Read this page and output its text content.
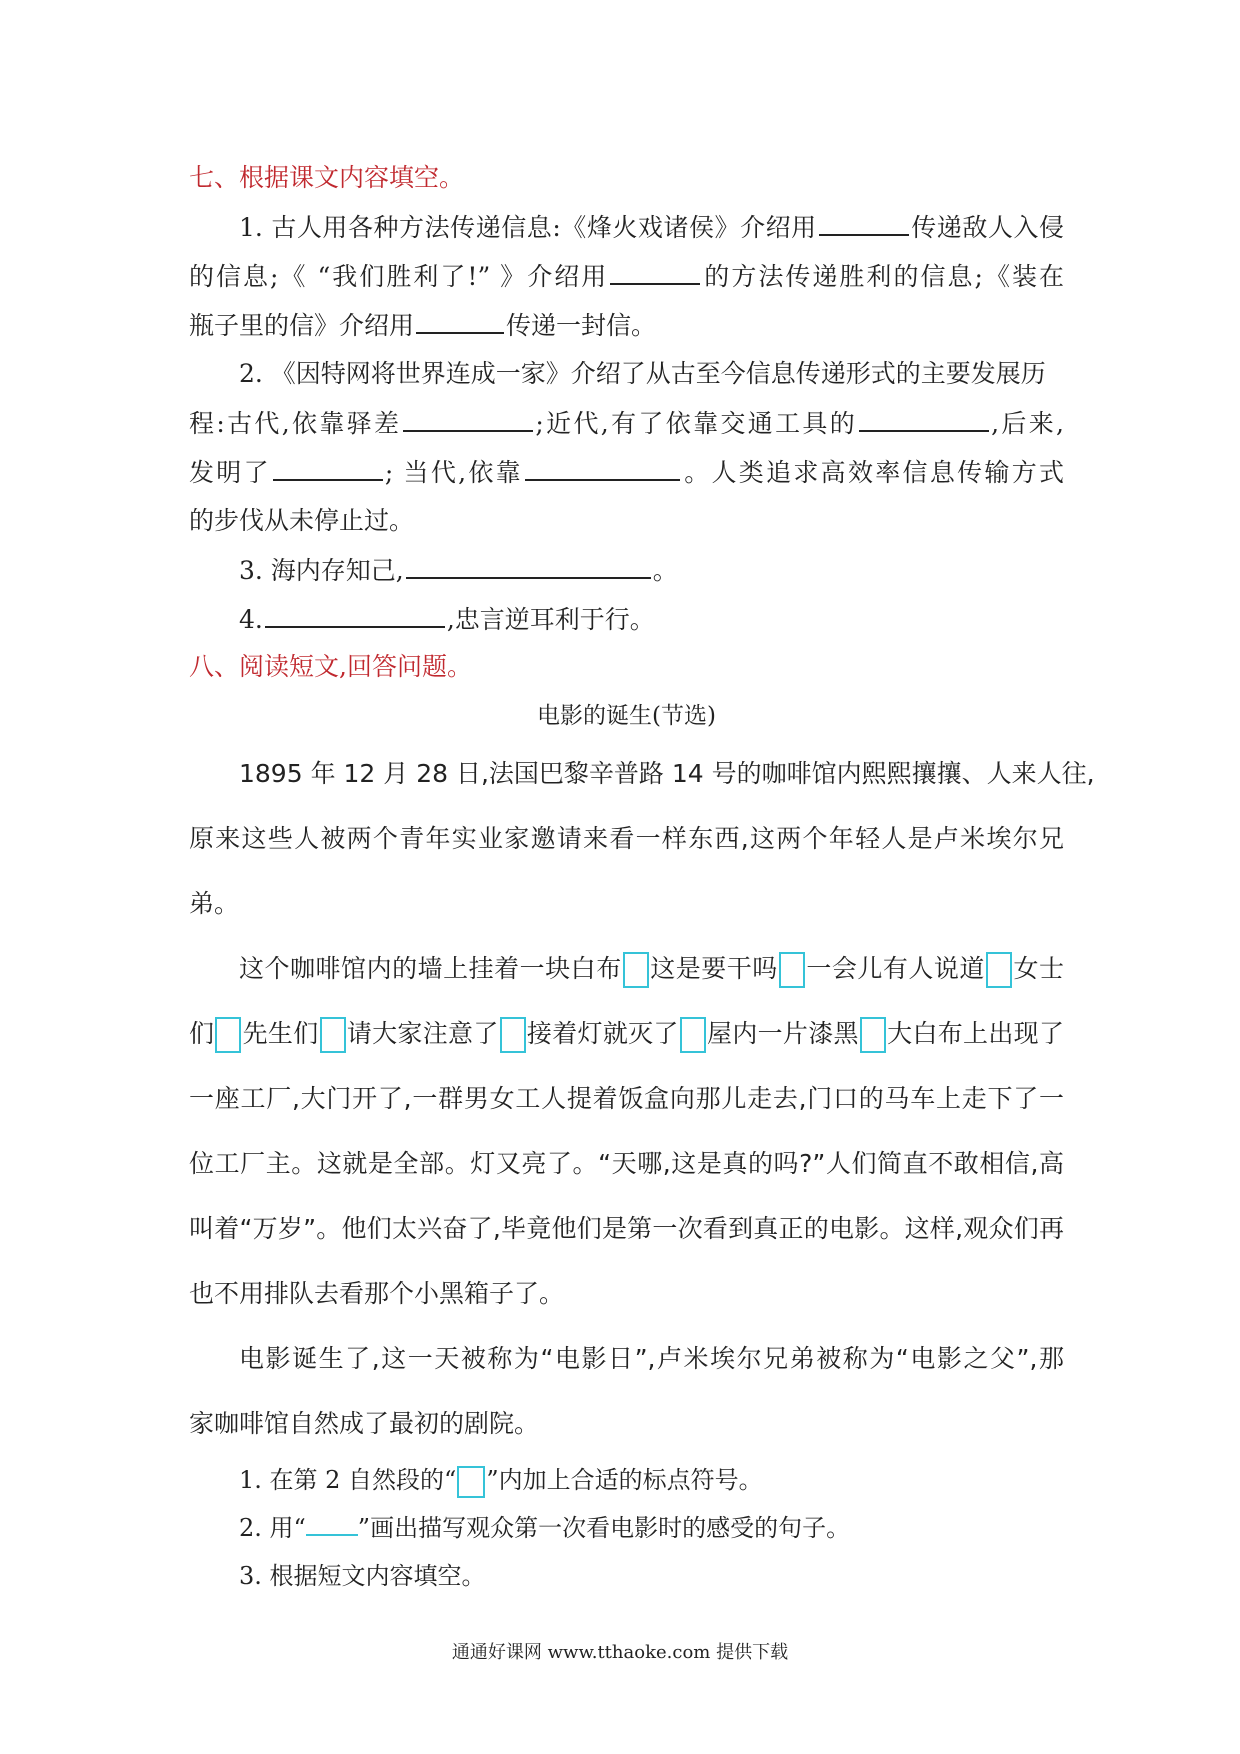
七、根据课文内容填空。
1. 古人用各种方法传递信息:《烽火戏诸侯》介绍用	传递敌人入侵
的信息;《 “我们胜利了!” 》介绍用	的方法传递胜利的信息;《装在
瓶子里的信》介绍用	传递一封信。
2. 《因特网将世界连成一家》介绍了从古至今信息传递形式的主要发展历
程:古代,依靠驿差	;近代,有了依靠交通工具的	,后来,
发明了	; 当代,依靠	。人类追求高效率信息传输方式
的步伐从未停止过。
3. 海内存知己,	。
4.	,忠言逆耳利于行。
八、阅读短文,回答问题。
电影的诞生(节选)
1895 年 12 月 28 日,法国巴黎辛普路 14 号的咖啡馆内熙熙攘攘、人来人往,
原来这些人被两个青年实业家邀请来看一样东西,这两个年轻人是卢米埃尔兄
弟。
这个咖啡馆内的墙上挂着一块白布 这是要干吗 一会儿有人说道 女士
们 先生们 请大家注意了 接着灯就灭了 屋内一片漆黑 大白布上出现了
一座工厂,大门开了,一群男女工人提着饭盒向那儿走去,门口的马车上走下了一
位工厂主。这就是全部。灯又亮了。“天哪,这是真的吗?”人们简直不敢相信,高
叫着“万岁”。他们太兴奋了,毕竟他们是第一次看到真正的电影。这样,观众们再
也不用排队去看那个小黑箱子了。
电影诞生了,这一天被称为“电影日”,卢米埃尔兄弟被称为“电影之父”,那
家咖啡馆自然成了最初的剧院。
1. 在第 2 自然段的“ ”内加上合适的标点符号。
2. 用“ ”画出描写观众第一次看电影时的感受的句子。
3. 根据短文内容填空。
通通好课网 www.tthaoke.com 提供下载
